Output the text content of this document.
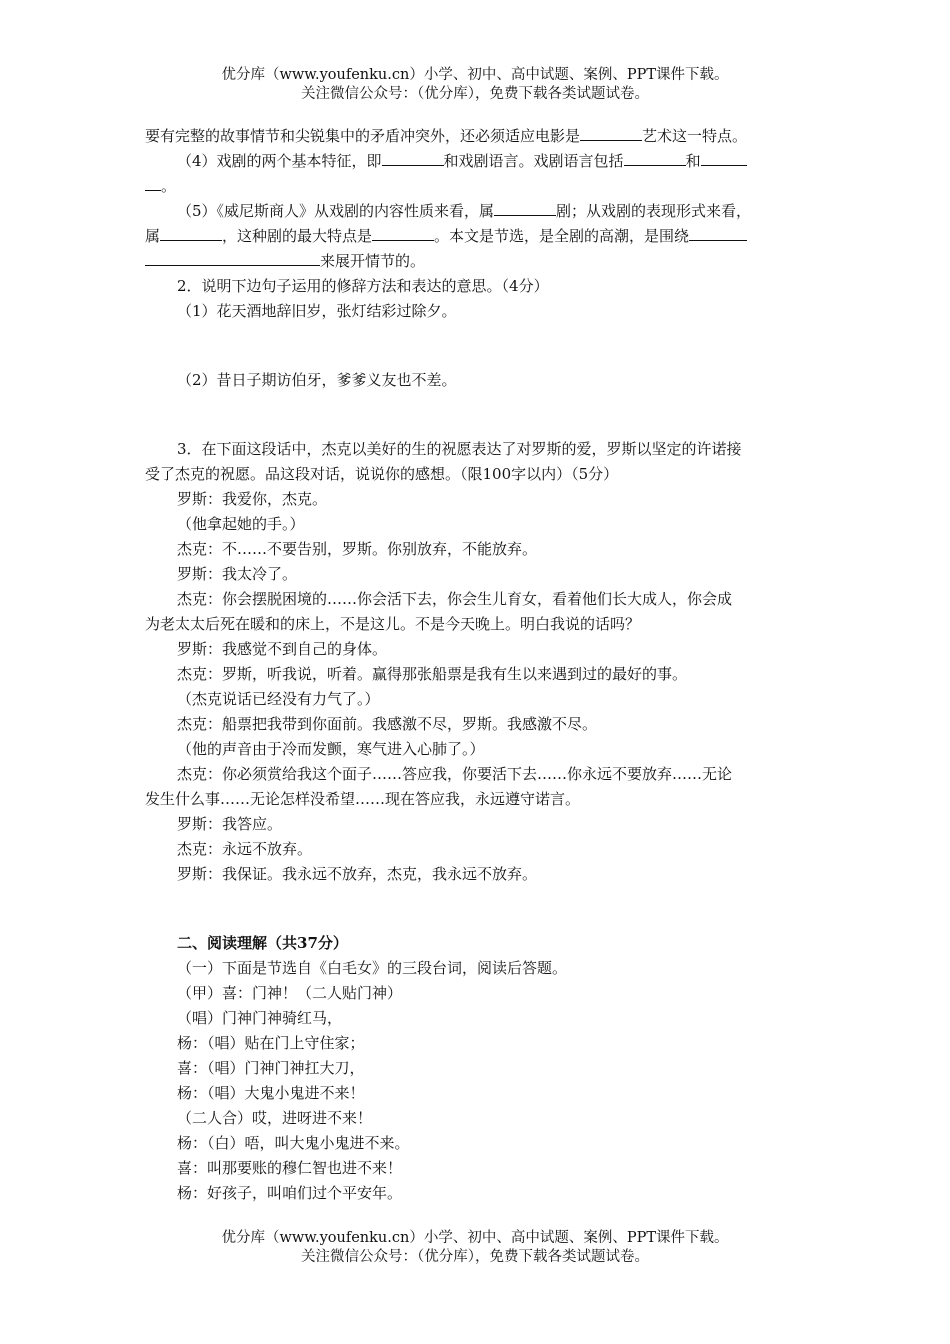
优分库（www.youfenku.cn）小学、初中、高中试题、案例、PPT课件下载。
关注微信公众号：（优分库），免费下载各类试题试卷。
要有完整的故事情节和尖锐集中的矛盾冲突外，还必须适应电影是	艺术这一特点。
（4）戏剧的两个基本特征，即	和戏剧语言。戏剧语言包括	和
。
（5）《威尼斯商人》从戏剧的内容性质来看，属	剧；从戏剧的表现形式来看，
属	，这种剧的最大特点是	。本文是节选，是全剧的高潮，是围绕
来展开情节的。
2．说明下边句子运用的修辞方法和表达的意思。（4分）
（1）花天酒地辞旧岁，张灯结彩过除夕。
（2）昔日子期访伯牙，爹爹义友也不差。
3．在下面这段话中，杰克以美好的生的祝愿表达了对罗斯的爱，罗斯以坚定的许诺接
受了杰克的祝愿。品这段对话，说说你的感想。（限100字以内）（5分）
罗斯：我爱你，杰克。
（他拿起她的手。）
杰克：不……不要告别，罗斯。你别放弃，不能放弃。
罗斯：我太冷了。
杰克：你会摆脱困境的……你会活下去，你会生儿育女，看着他们长大成人，你会成
为老太太后死在暖和的床上，不是这儿。不是今天晚上。明白我说的话吗？
罗斯：我感觉不到自己的身体。
杰克：罗斯，听我说，听着。赢得那张船票是我有生以来遇到过的最好的事。
（杰克说话已经没有力气了。）
杰克：船票把我带到你面前。我感激不尽，罗斯。我感激不尽。
（他的声音由于冷而发颤，寒气进入心肺了。）
杰克：你必须赏给我这个面子……答应我，你要活下去……你永远不要放弃……无论
发生什么事……无论怎样没希望……现在答应我，永远遵守诺言。
罗斯：我答应。
杰克：永远不放弃。
罗斯：我保证。我永远不放弃，杰克，我永远不放弃。
二、阅读理解（共37分）
（一）下面是节选自《白毛女》的三段台词，阅读后答题。
（甲）喜：门神！（二人贴门神）
（唱）门神门神骑红马，
杨：（唱）贴在门上守住家；
喜：（唱）门神门神扛大刀，
杨：（唱）大鬼小鬼进不来！
（二人合）哎，进呀进不来！
杨：（白）唔，叫大鬼小鬼进不来。
喜：叫那要账的穆仁智也进不来！
杨：好孩子，叫咱们过个平安年。
优分库（www.youfenku.cn）小学、初中、高中试题、案例、PPT课件下载。
关注微信公众号：（优分库），免费下载各类试题试卷。
